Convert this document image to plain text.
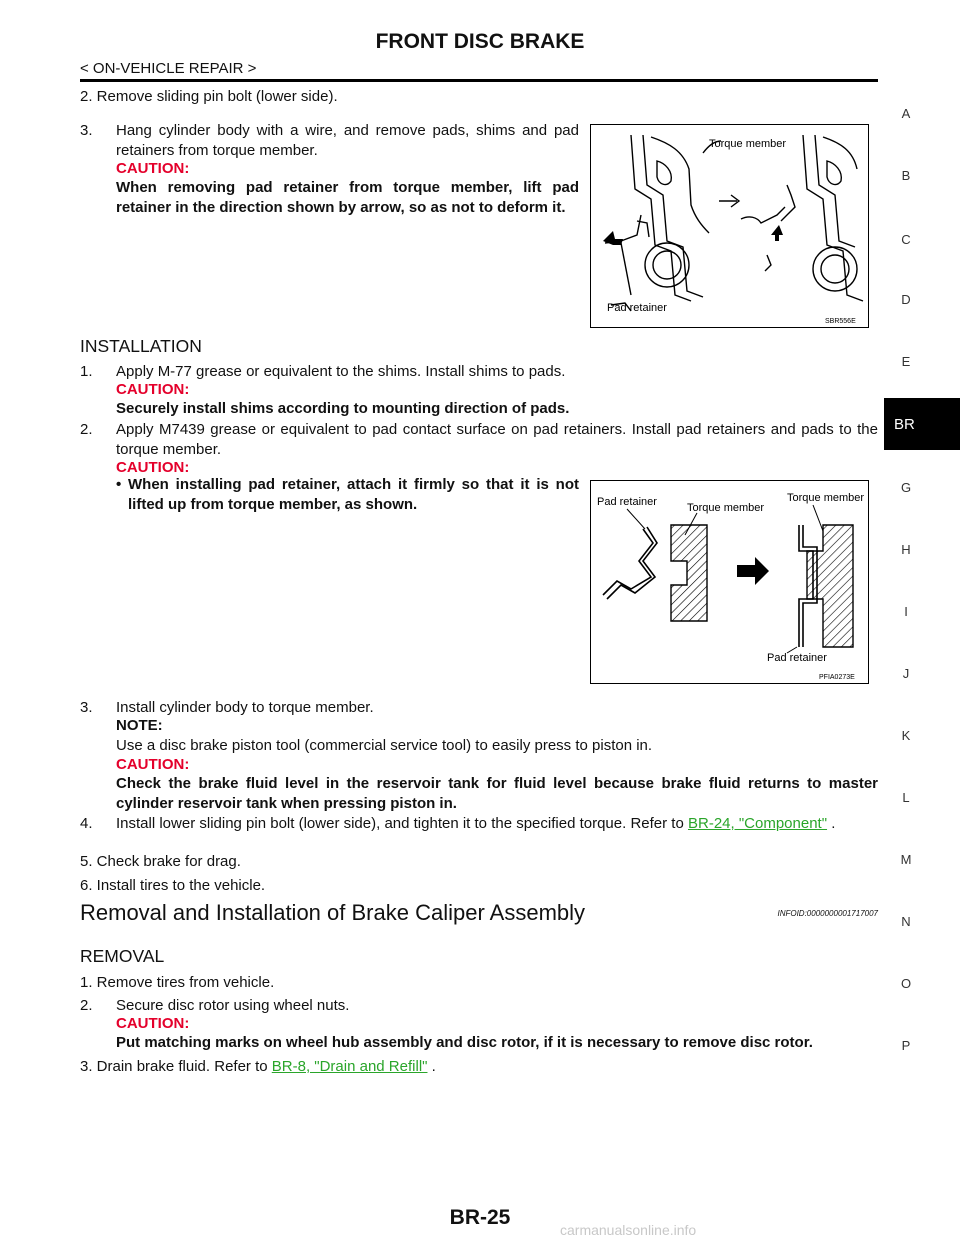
FRONT DISC BRAKE
< ON-VEHICLE REPAIR >
2. Remove sliding pin bolt (lower side).
3. Hang cylinder body with a wire, and remove pads, shims and pad retainers from torque member.
CAUTION:
When removing pad retainer from torque member, lift pad retainer in the direction shown by arrow, so as not to deform it.
Torque member
Pad retainer
SBR556E
INSTALLATION
1. Apply M-77 grease or equivalent to the shims. Install shims to pads.
CAUTION:
Securely install shims according to mounting direction of pads.
2. Apply M7439 grease or equivalent to pad contact surface on pad retainers. Install pad retainers and pads to the torque member.
CAUTION:
• When installing pad retainer, attach it firmly so that it is not lifted up from torque member, as shown.	Pad retainer	Torque member
Torque member
Pad retainer
PFIA0273E
3. Install cylinder body to torque member.
NOTE:
Use a disc brake piston tool (commercial service tool) to easily press to piston in.
CAUTION:
Check the brake fluid level in the reservoir tank for fluid level because brake fluid returns to master cylinder reservoir tank when pressing piston in.
4. Install lower sliding pin bolt (lower side), and tighten it to the specified torque. Refer to BR-24, "Component" .
5. Check brake for drag.
6. Install tires to the vehicle.
Removal and Installation of Brake Caliper Assembly	INFOID:0000000001717007
REMOVAL
1. Remove tires from vehicle.
2. Secure disc rotor using wheel nuts.
CAUTION:
Put matching marks on wheel hub assembly and disc rotor, if it is necessary to remove disc rotor.
3. Drain brake fluid. Refer to BR-8, "Drain and Refill" .
A
B
C
D
E
BR
G
H
I
J
K
L
M
N
O
P
BR-25
carmanualsonline.info
